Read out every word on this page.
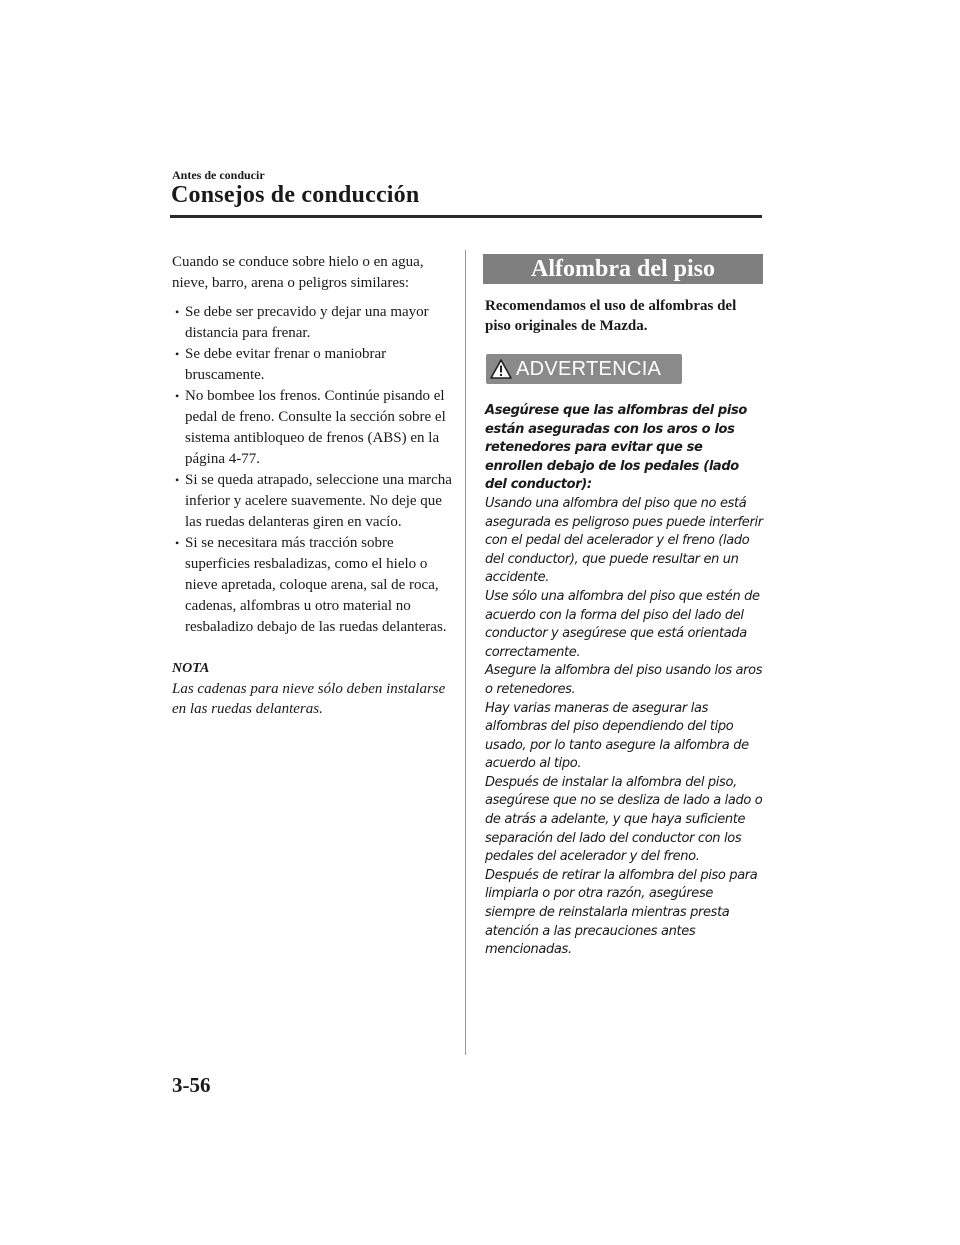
Antes de conducir
Consejos de conducción

Cuando se conduce sobre hielo o en agua, nieve, barro, arena o peligros similares:

• Se debe ser precavido y dejar una mayor distancia para frenar.
• Se debe evitar frenar o maniobrar bruscamente.
• No bombee los frenos. Continúe pisando el pedal de freno. Consulte la sección sobre el sistema antibloqueo de frenos (ABS) en la página 4-77.
• Si se queda atrapado, seleccione una marcha inferior y acelere suavemente. No deje que las ruedas delanteras giren en vacío.
• Si se necesitara más tracción sobre superficies resbaladizas, como el hielo o nieve apretada, coloque arena, sal de roca, cadenas, alfombras u otro material no resbaladizo debajo de las ruedas delanteras.
NOTA
Las cadenas para nieve sólo deben instalarse en las ruedas delanteras.
Alfombra del piso
Recomendamos el uso de alfombras del piso originales de Mazda.
ADVERTENCIA

Asegúrese que las alfombras del piso están aseguradas con los aros o los retenedores para evitar que se enrollen debajo de los pedales (lado del conductor):

Usando una alfombra del piso que no está asegurada es peligroso pues puede interferir con el pedal del acelerador y el freno (lado del conductor), que puede resultar en un accidente.

Use sólo una alfombra del piso que estén de acuerdo con la forma del piso del lado del conductor y asegúrese que está orientada correctamente.

Asegure la alfombra del piso usando los aros o retenedores.

Hay varias maneras de asegurar las alfombras del piso dependiendo del tipo usado, por lo tanto asegure la alfombra de acuerdo al tipo.

Después de instalar la alfombra del piso, asegúrese que no se desliza de lado a lado o de atrás a adelante, y que haya suficiente separación del lado del conductor con los pedales del acelerador y del freno.

Después de retirar la alfombra del piso para limpiarla o por otra razón, asegúrese siempre de reinstalarla mientras presta atención a las precauciones antes mencionadas.

3-56
